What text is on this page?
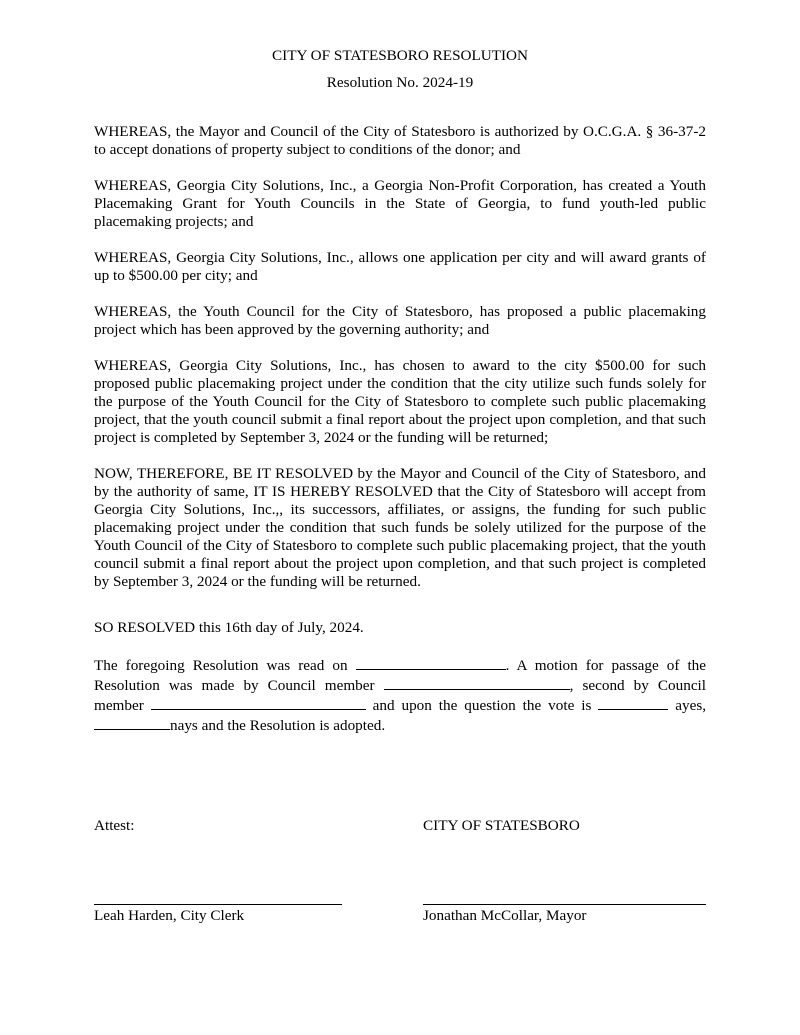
CITY OF STATESBORO RESOLUTION
Resolution No. 2024-19

WHEREAS, the Mayor and Council of the City of Statesboro is authorized by O.C.G.A. § 36-37-2 to accept donations of property subject to conditions of the donor; and

WHEREAS, Georgia City Solutions, Inc., a Georgia Non-Profit Corporation, has created a Youth Placemaking Grant for Youth Councils in the State of Georgia, to fund youth-led public placemaking projects; and

WHEREAS, Georgia City Solutions, Inc., allows one application per city and will award grants of up to $500.00 per city; and

WHEREAS, the Youth Council for the City of Statesboro, has proposed a public placemaking project which has been approved by the governing authority; and

WHEREAS, Georgia City Solutions, Inc., has chosen to award to the city $500.00 for such proposed public placemaking project under the condition that the city utilize such funds solely for the purpose of the Youth Council for the City of Statesboro to complete such public placemaking project, that the youth council submit a final report about the project upon completion, and that such project is completed by September 3, 2024 or the funding will be returned;

NOW, THEREFORE, BE IT RESOLVED by the Mayor and Council of the City of Statesboro, and by the authority of same, IT IS HEREBY RESOLVED that the City of Statesboro will accept from Georgia City Solutions, Inc.,, its successors, affiliates, or assigns, the funding for such public placemaking project under the condition that such funds be solely utilized for the purpose of the Youth Council of the City of Statesboro to complete such public placemaking project, that the youth council submit a final report about the project upon completion, and that such project is completed by September 3, 2024 or the funding will be returned.

SO RESOLVED this 16th day of July, 2024.

The foregoing Resolution was read on	. A motion for passage of the Resolution was made by Council member	, second by Council member	and upon the question the vote is	ayes, nays and the Resolution is adopted.

Attest:
Leah Harden, City Clerk
CITY OF STATESBORO
Jonathan McCollar, Mayor
